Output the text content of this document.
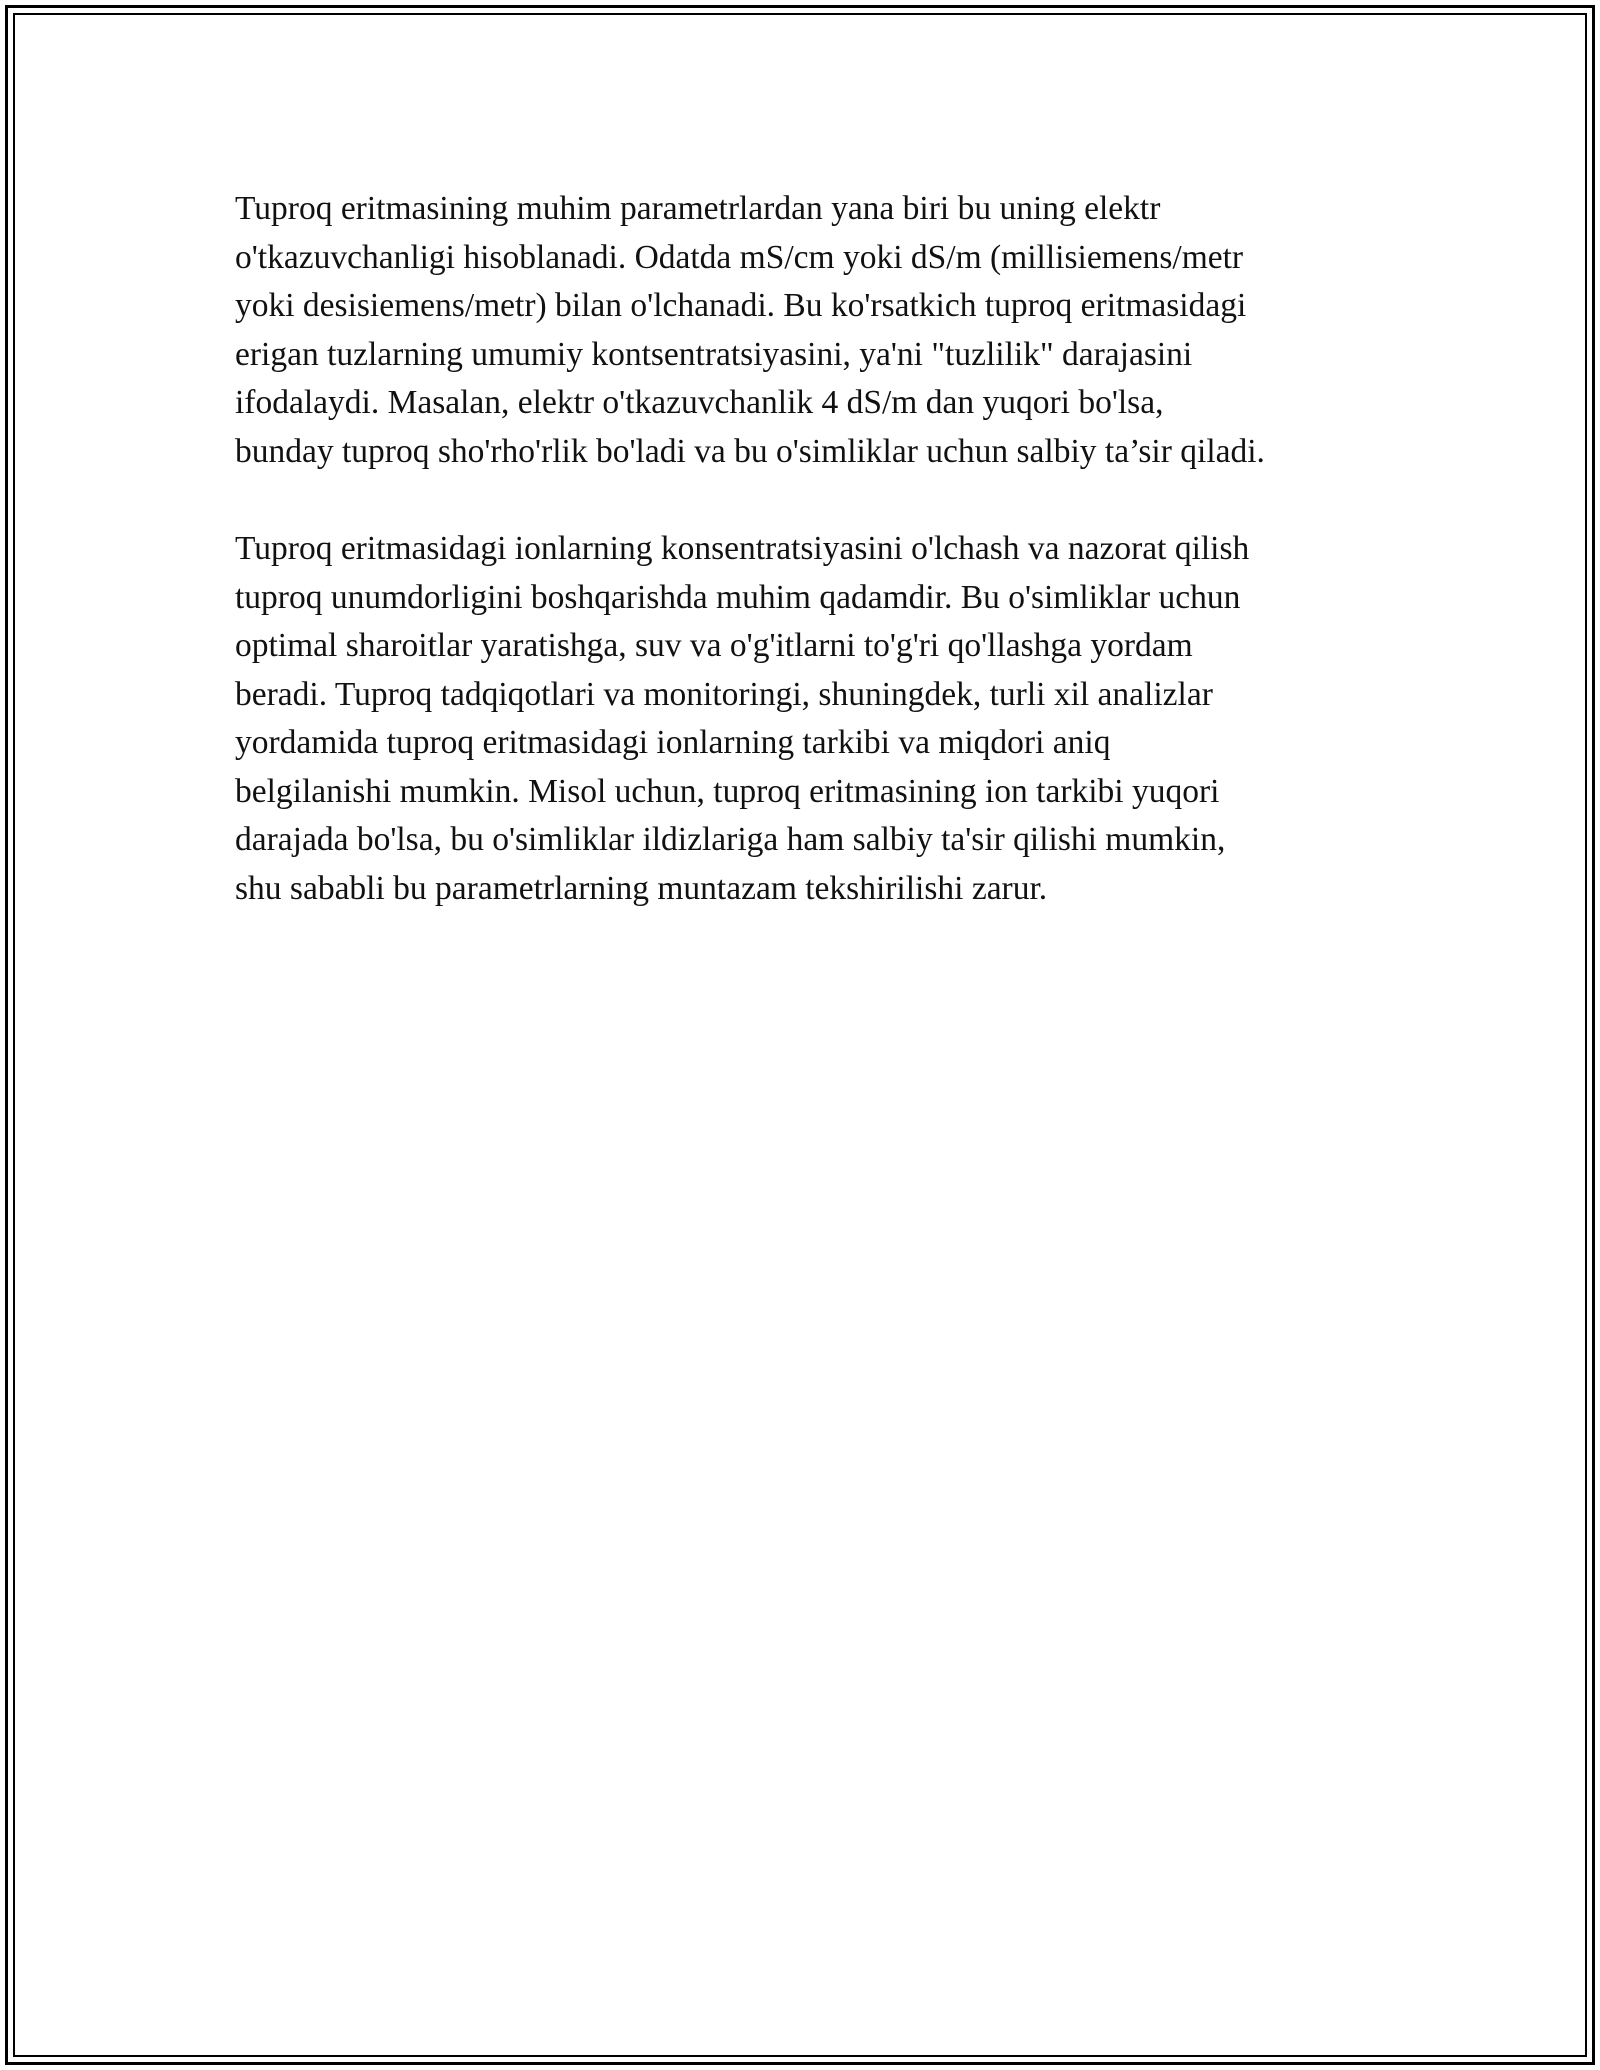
Tuproq eritmasining muhim parametrlardan yana biri bu uning elektr
o'tkazuvchanligi hisoblanadi. Odatda mS/cm yoki dS/m (millisiemens/metr
yoki desisiemens/metr) bilan o'lchanadi. Bu ko'rsatkich tuproq eritmasidagi
erigan tuzlarning umumiy kontsentratsiyasini, ya'ni "tuzlilik" darajasini
ifodalaydi. Masalan, elektr o'tkazuvchanlik 4 dS/m dan yuqori bo'lsa,
bunday tuproq sho'rho'rlik bo'ladi va bu o'simliklar uchun salbiy ta’sir qiladi.

Tuproq eritmasidagi ionlarning konsentratsiyasini o'lchash va nazorat qilish
tuproq unumdorligini boshqarishda muhim qadamdir. Bu o'simliklar uchun
optimal sharoitlar yaratishga, suv va o'g'itlarni to'g'ri qo'llashga yordam
beradi. Tuproq tadqiqotlari va monitoringi, shuningdek, turli xil analizlar
yordamida tuproq eritmasidagi ionlarning tarkibi va miqdori aniq
belgilanishi mumkin. Misol uchun, tuproq eritmasining ion tarkibi yuqori
darajada bo'lsa, bu o'simliklar ildizlariga ham salbiy ta'sir qilishi mumkin,
shu sababli bu parametrlarning muntazam tekshirilishi zarur.
